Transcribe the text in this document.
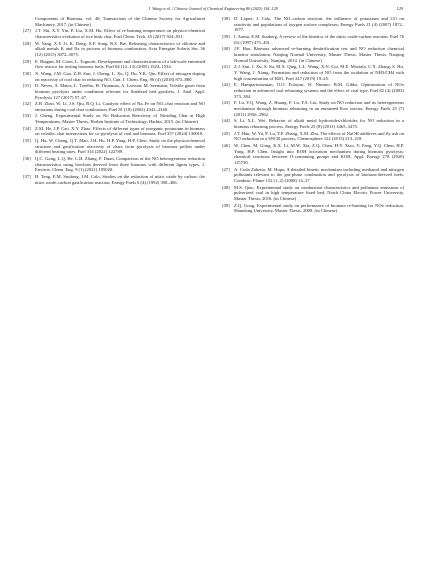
J. Wang et al. / Chinese Journal of Chemical Engineering 80 (2025) 118–129	129
Components of Biomass, vol. 48, Transactions of the Chinese Society for Agricultural Machinery, 2017. (in Chinese)
[27] J.T. Shi, X.Y. Yin, P. Liu, X.M. Hu, Effect of re-burning temperature on physico-chemical characteristics evolution of rice husk char, Fuel Chem. Tech. 45 (2017) 924–931.
[28] W. Yang, X.Y. Ji, K. Dong, X.F. Song, R.S. Bie, Releasing characteristics of chlorine and alkali metals K and Na in process of biomass combustion, Acta Energiae Solaris Sin. 36 (12) (2015) 3072–3075.
[29] E. Biagini, M. Cioni, L. Tognotti, Development and characterization of a lab-scale entrained flow reactor for testing biomass fuels, Fuel 84 (12–13) (2005) 1524–1534.
[30] X. Wang, J.M. Gao, Z.H. Sun, J. Cheng, L. Xu, Q. Du, Y.K. Qin, Effect of nitrogen doping on reactivity of coal char in reducing NO, Can. J. Chem. Eng. 96 (4) (2018) 873–880.
[31] D. Neves, A. Matos, L. Tarelho, H. Thunman, A. Larsson, M. Seemann, Volatile gases from biomass pyrolysis under conditions relevant for fluidized bed gasifiers, J. Anal. Appl. Pyrolysis 127 (2017) 57–67.
[32] Z.B. Zhao, W. Li, J.S. Qiu, B.Q. Li, Catalytic effect of Na–Fe on NO–char reaction and NO emissions during coal char combustion, Fuel 81 (18) (2002) 2343–2348.
[33] J. Cheng, Experimental Study on No Reduction Reactivity of Nitriding Char at High Temperatures, Master Thesis, Harbin Institute of Technology, Harbin, 2015. (in Chinese)
[34] Z.M. He, J.P. Cao, X.Y. Zhao, Effects of different types of inorganic potassium in biomass on volatile–char interactions for co-pyrolysis of coal and biomass, Fuel 357 (2024) 130018.
[35] Q. Hu, W. Cheng, Q.T. Mao, J.H. Hu, H.P. Yang, H.P. Chen, Study on the physicochemical structure and gasification reactivity of chars from pyrolysis of biomass pellets under different heating rates, Fuel 314 (2022) 122789.
[36] Q.C. Gong, L.Q. He, L.H. Zhang, F. Duan, Comparison of the NO heterogeneous reduction characteristics using biochars derived from three biomass with different lignin types, J. Environ. Chem. Eng. 9 (1) (2021) 105020.
[37] H. Teng, E.M. Suuberg, J.M. Calo, Studies on the reduction of nitric oxide by carbon: the nitric oxide–carbon gasification reaction, Energy Fuels 6 (4) (1992) 398–406.
[38] D. López, J. Calo, The NO–carbon reaction: the influence of potassium and CO on reactivity and populations of oxygen surface complexes, Energy Fuels 21 (4) (2007) 1872–1877.
[39] I. Aarna, E.M. Suuberg, A review of the kinetics of the nitric oxide-carbon reaction, Fuel 76 (6) (1997) 475–491.
[40] J.F. Hao, Biomass advanced re-burning denitrification test and NO reduction chemical kinetics simulation, Nanjing Normal University, Master Thesis, Master Thesis, Nanjing Normal University, Nanjing, 2014. (in Chinese)
[41] Z.J. Sun, J. Xu, S. Su, M.X. Qing, L.L. Wang, X.N. Cui, M.E. Mostafa, C.X. Zhang, S. Hu, Y. Wang, J. Xiang, Formation and reduction of NO from the oxidation of NH3/CH4 with high concentration of H2O, Fuel 247 (2019) 19–25.
[42] E. Hampartsoumian, O.O. Folayan, W. Nimmo, B.M. Gibbs, Optimisation of NOx reduction in advanced coal reburning systems and the effect of coal type, Fuel 82 (4) (2003) 373–384.
[43] F. Lu, Y.Q. Wang, Z. Huang, F. Lu, Y.S. Liu, Study on NO reduction and its heterogeneous mechanism through biomass reburning in an entrained flow reactor, Energy Fuels 25 (7) (2011) 2956–2962.
[44] S. Li, X.L. Wei, Behavior of alkali metal hydroxides/chlorides for NO reduction in a biomass reburning process, Energy Fuels 25 (8) (2011) 3465–3475.
[45] J.T. Han, W. Yu, P. Lu, Y.F. Zhang, X.M. Zhu, The effects of NaOH additives and fly ash on NO reduction in a SNCR process, Chemosphere 122 (2015) 213–218.
[46] W. Chen, M. Gong, K.X. Li, M.W. Xia, Z.Q. Chen, H.Y. Xiao, Y. Fang, Y.Q. Chen, H.P. Yang, H.P. Chen, Insight into KOH activation mechanism during biomass pyrolysis: chemical reactions between O-containing groups and KOH, Appl. Energy 278 (2020) 115730.
[47] A. Coda Zabetta, M. Hupa, A detailed kinetic mechanism including methanol and nitrogen pollutants relevant to the gas-phase combustion and pyrolysis of biomass-derived fuels, Combust. Flame 152 (1–2) (2008) 14–27.
[48] M.S. Qiao, Experimental study on combustion characteristics and pollutants emissions of pulverized coal in high temperature fixed bed, North China Electric Power University, Master Thesis, 2016. (in Chinese)
[49] Z.Q. Gong, Experimental study on performance of biomass re-burning for NOx reduction, Shandong University, Master Thesis, 2008. (in Chinese)
